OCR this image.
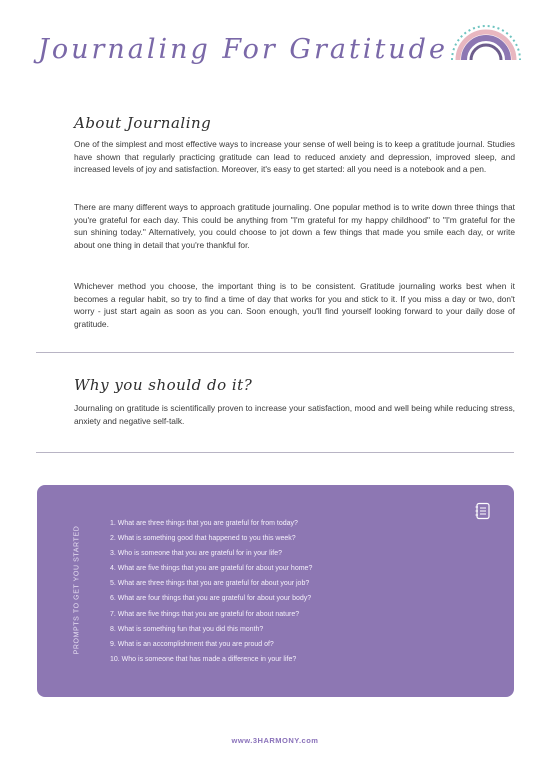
Journaling For Gratitude
About Journaling

One of the simplest and most effective ways to increase your sense of well being is to keep a gratitude journal. Studies have shown that regularly practicing gratitude can lead to reduced anxiety and depression, improved sleep, and increased levels of joy and satisfaction. Moreover, it's easy to get started: all you need is a notebook and a pen.

There are many different ways to approach gratitude journaling. One popular method is to write down three things that you're grateful for each day. This could be anything from "I'm grateful for my happy childhood" to "I'm grateful for the sun shining today." Alternatively, you could choose to jot down a few things that made you smile each day, or write about one thing in detail that you're thankful for.

Whichever method you choose, the important thing is to be consistent. Gratitude journaling works best when it becomes a regular habit, so try to find a time of day that works for you and stick to it. If you miss a day or two, don't worry - just start again as soon as you can. Soon enough, you'll find yourself looking forward to your daily dose of gratitude.

Why you should do it?

Journaling on gratitude is scientifically proven to increase your satisfaction, mood and well being while reducing stress, anxiety and negative self-talk.

PROMPTS TO GET YOU STARTED
1. What are three things that you are grateful for from today?
2. What is something good that happened to you this week?
3. Who is someone that you are grateful for in your life?
4. What are five things that you are grateful for about your home?
5. What are three things that you are grateful for about your job?
6. What are four things that you are grateful for about your body?
7. What are five things that you are grateful for about nature?
8. What is something fun that you did this month?
9. What is an accomplishment that you are proud of?
10. Who is someone that has made a difference in your life?
www.3HARMONY.com
